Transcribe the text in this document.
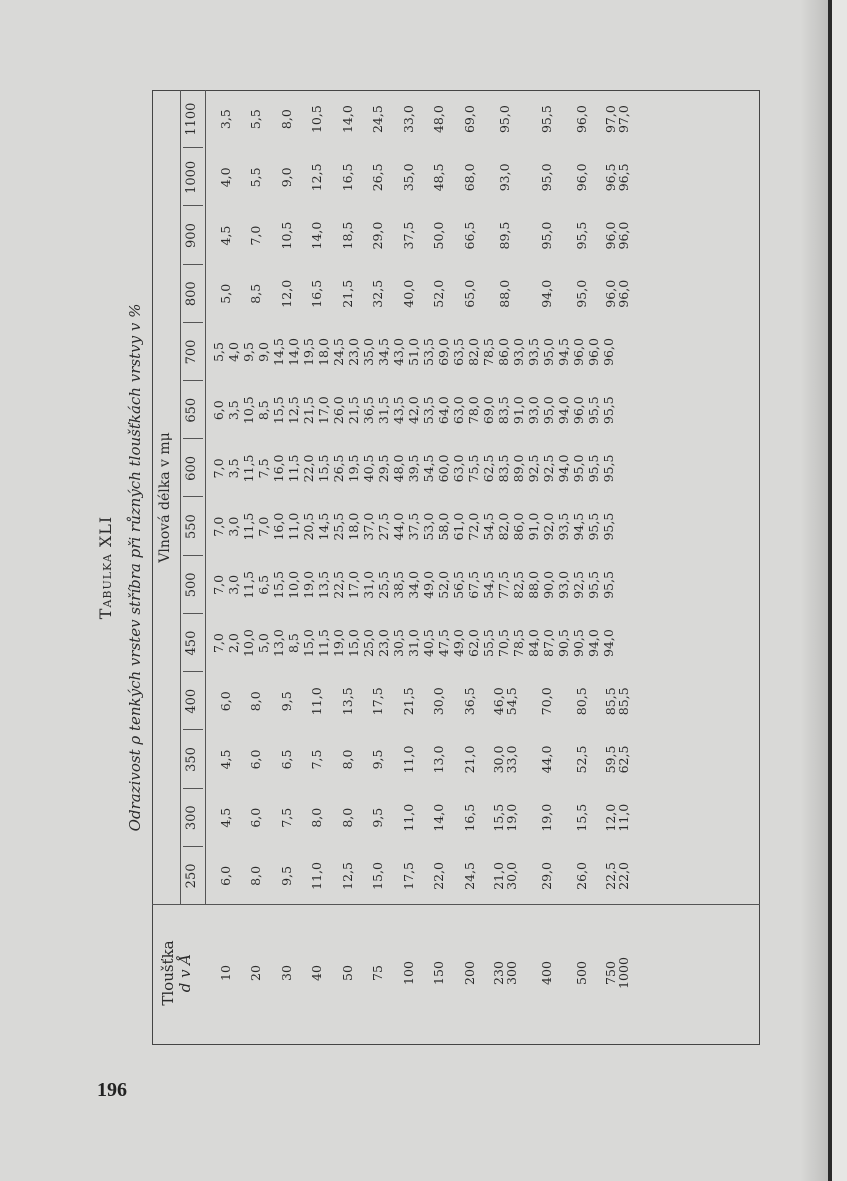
196
Tabulka XLI Odrazivost ρ tenkých vrstev stříbra při různých tloušťkách vrstvy v % Vlnová délka v mμ
Tloušťka d v Å 10 20 30 40 50 75 100 150 200 230
300 400 500 750
1000
250 6,0 8,0 9,5 11,0 12,5 15,0 17,5 22,0 24,5 21,0
30,0 29,0 26,0 22,5
22,0
300 4,5 6,0 7,5 8,0 8,0 9,5 11,0 14,0 16,5 15,5
19,0 19,0 15,5 12,0
11,0
350 4,5 6,0 6,5 7,5 8,0 9,5 11,0 13,0 21,0 30,0
33,0 44,0 52,5 59,5
62,5
400 6,0 8,0 9,5 11,0 13,5 17,5 21,5 30,0 36,5 46,0
54,5 70,0 80,5 85,5
85,5
450 7,0 2,0 10,0 5,0 13,0 8,5 15,0 11,5 19,0 15,0 25,0 23,0 30,5 31,0 40,5 47,5 49,0 62,0 55,5 70,5 78,5 84,0 87,0 90,5 90,5 94,0 94,0
500 7,0 3,0 11,5 6,5 15,5 10,0 19,0 13,5 22,5 17,0 31,0 25,5 38,5 34,0 49,0 52,0 56,5 67,5 54,5 77,5 82,5 88,0 90,0 93,0 92,5 95,5 95,5
550 7,0 3,0 11,5 7,0 16,0 11,0 20,5 14,5 25,5 18,0 37,0 27,5 44,0 37,5 53,0 58,0 61,0 72,0 54,5 82,0 86,0 91,0 92,0 93,5 94,5 95,5 95,5
600 7,0 3,5 11,5 7,5 16,0 11,5 22,0 15,5 26,5 19,5 40,5 29,5 48,0 39,5 54,5 60,0 63,0 75,5 62,5 83,5 89,0 92,5 92,5 94,0 95,0 95,5 95,5
650 6,0 3,5 10,5 8,5 15,5 12,5 21,5 17,0 26,0 21,5 36,5 31,5 43,5 42,0 53,5 64,0 63,0 78,0 69,0 83,5 91,0 93,0 95,0 94,0 96,0 95,5 95,5
700 5,5 4,0 9,5 9,0 14,5 14,0 19,5 18,0 24,5 23,0 35,0 34,5 43,0 51,0 53,5 69,0 63,5 82,0 78,5 86,0 93,0 93,5 95,0 94,5 96,0 96,0 96,0
800 5,0 8,5 12,0 16,5 21,5 32,5 40,0 52,0 65,0 88,0 94,0 95,0 96,0
96,0
900 4,5 7,0 10,5 14,0 18,5 29,0 37,5 50,0 66,5 89,5 95,0 95,5 96,0
96,0
1000 4,0 5,5 9,0 12,5 16,5 26,5 35,0 48,5 68,0 93,0 95,0 96,0 96,5
96,5
1100 3,5 5,5 8,0 10,5 14,0 24,5 33,0 48,0 69,0 95,0 95,5 96,0 97,0
97,0
